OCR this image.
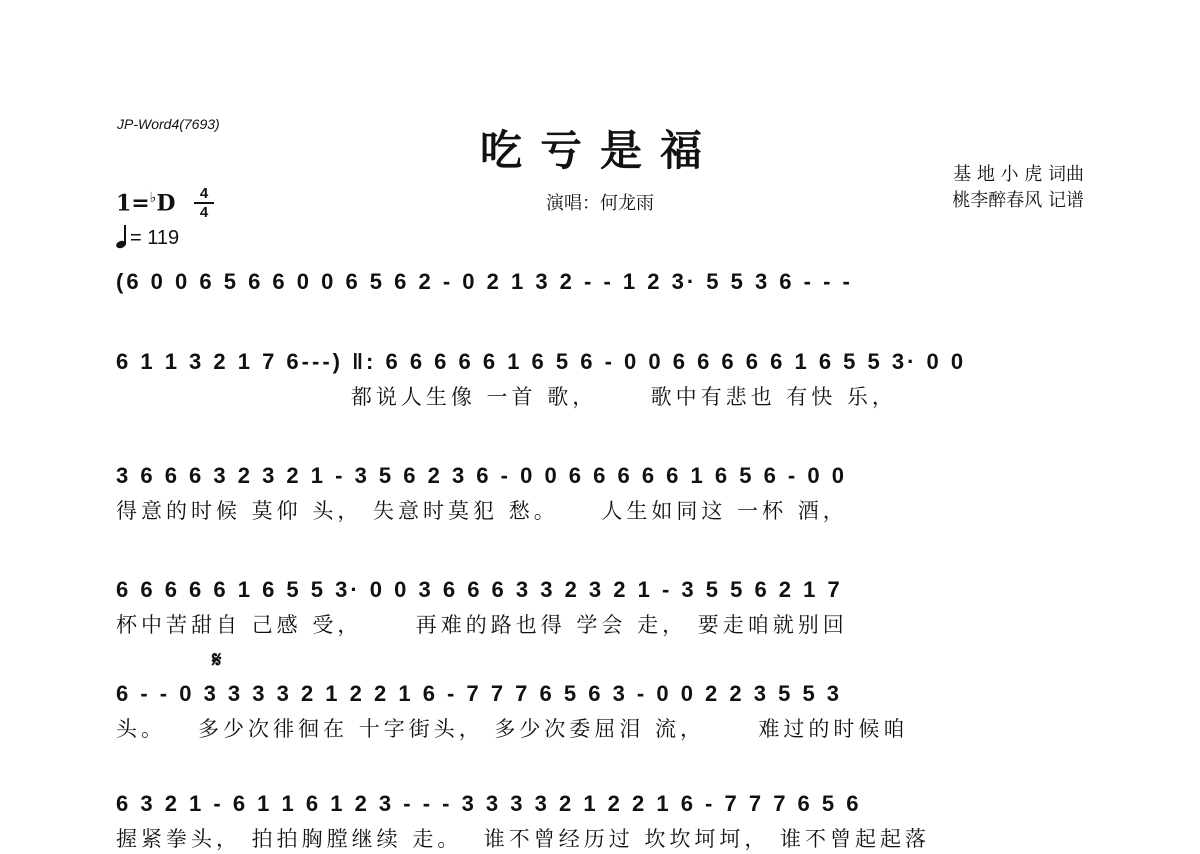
JP-Word4(7693)
吃亏是福
演唱：何龙雨
基 地 小 虎 词曲
桃李醉春风 记谱
1=♭D	4
4
= 119
(6 0 0 6 5 6 6 0 0 6 5 6 2 - 0 2 1 3 2 - - 1 2 3· 5 5 3 6 - - -
6 1 1 3 2 1 7 6---) ‖: 6 6 6 6 6 1 6 5 6 - 0 0 6 6 6 6 6 1 6 5 5 3· 0 0
都说人生像 一首 歌，     歌中有悲也 有快 乐，
3 6 6 6 3 2 3 2 1 - 3 5 6 2 3 6 - 0 0 6 6 6 6 6 1 6 5 6 - 0 0
得意的时候 莫仰 头， 失意时莫犯 愁。    人生如同这 一杯 酒，
6 6 6 6 6 1 6 5 5 3· 0 0 3 6 6 6 3 3 2 3 2 1 - 3 5 5 6 2 1 7
杯中苦甜自 己感 受，     再难的路也得 学会 走， 要走咱就别回
𝄋
6 - - 0 3 3 3 3 2 1 2 2 1 6 - 7 7 7 6 5 6 3 - 0 0 2 2 3 5 5 3
头。   多少次徘徊在 十字街头， 多少次委屈泪 流，     难过的时候咱
6 3 2 1 - 6 1 1 6 1 2 3 - - - 3 3 3 3 2 1 2 2 1 6 - 7 7 7 6 5 6
握紧拳头， 拍拍胸膛继续 走。  谁不曾经历过 坎坎坷坷， 谁不曾起起落
